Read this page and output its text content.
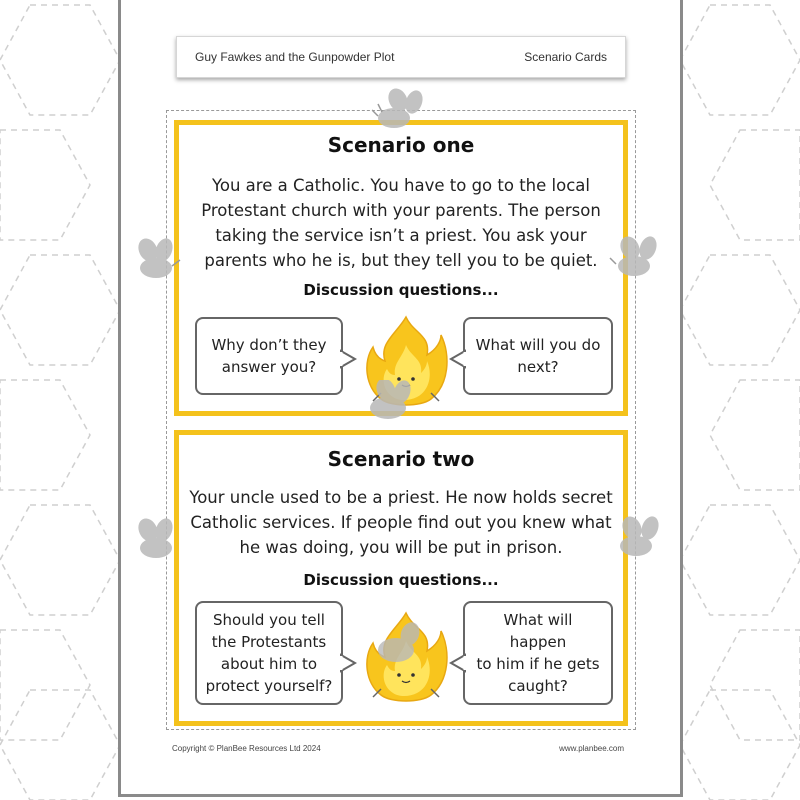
Guy Fawkes and the Gunpowder Plot	Scenario Cards
Scenario one
You are a Catholic. You have to go to the local
Protestant church with your parents. The person
taking the service isn’t a priest. You ask your
parents who he is, but they tell you to be quiet.
Discussion questions...
Why don’t they
answer you?
What will you do
next?
Scenario two
Your uncle used to be a priest. He now holds secret
Catholic services. If people find out you knew what
he was doing, you will be put in prison.
Discussion questions...
Should you tell
the Protestants
about him to
protect yourself?
What will happen
to him if he gets
caught?
Copyright © PlanBee Resources Ltd 2024	www.planbee.com
